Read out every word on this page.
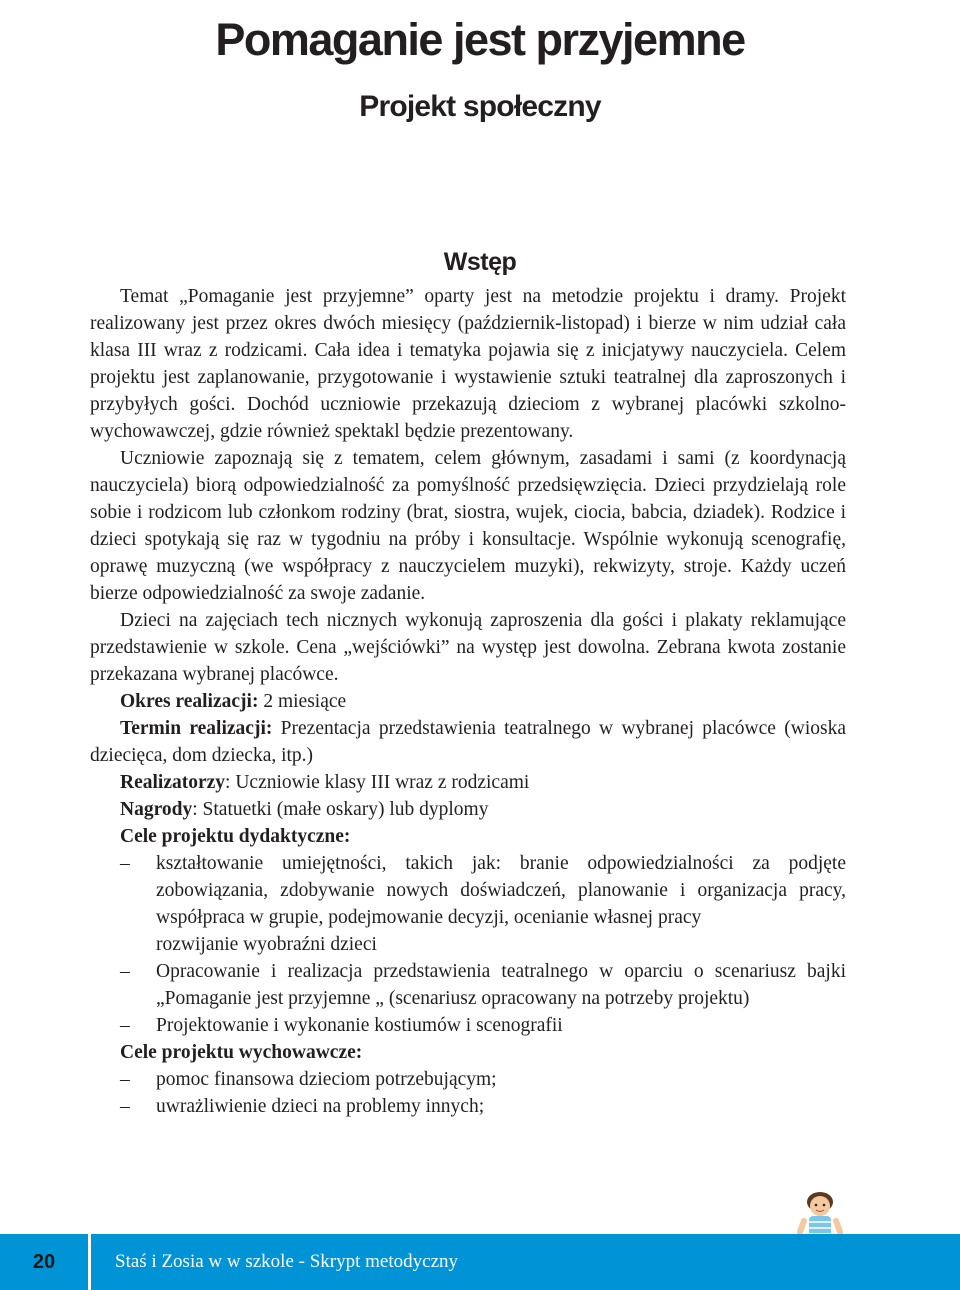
Pomaganie jest przyjemne
Projekt społeczny
Wstęp

Temat „Pomaganie jest przyjemne” oparty jest na metodzie projektu i dramy. Projekt realizowany jest przez okres dwóch miesięcy (październik-listopad) i bierze w nim udział cała klasa III wraz z rodzicami. Cała idea i tematyka pojawia się z inicjatywy nauczyciela. Celem projektu jest zaplanowanie, przygotowanie i wystawienie sztuki teatralnej dla zaproszonych i przybyłych gości. Dochód uczniowie przekazują dzieciom z wybranej placówki szkolno-wychowawczej, gdzie również spektakl będzie prezentowany.

Uczniowie zapoznają się z tematem, celem głównym, zasadami i sami (z koordynacją nauczyciela) biorą odpowiedzialność za pomyślność przedsięwzięcia. Dzieci przydzielają role sobie i rodzicom lub członkom rodziny (brat, siostra, wujek, ciocia, babcia, dziadek). Rodzice i dzieci spotykają się raz w tygodniu na próby i konsultacje. Wspólnie wykonują scenografię, oprawę muzyczną (we współpracy z nauczycielem muzyki), rekwizyty, stroje. Każdy uczeń bierze odpowiedzialność za swoje zadanie.

Dzieci na zajęciach tech nicznych wykonują zaproszenia dla gości i plakaty reklamujące przedstawienie w szkole. Cena „wejściówki” na występ jest dowolna. Zebrana kwota zostanie przekazana wybranej placówce.

Okres realizacji: 2 miesiące

Termin realizacji: Prezentacja przedstawienia teatralnego w wybranej placówce (wioska dziecięca, dom dziecka, itp.)

Realizatorzy: Uczniowie klasy III wraz z rodzicami

Nagrody: Statuetki (małe oskary) lub dyplomy

Cele projektu dydaktyczne:
– kształtowanie umiejętności, takich jak: branie odpowiedzialności za podjęte zobowiązania, zdobywanie nowych doświadczeń, planowanie i organizacja pracy, współpraca w grupie, podejmowanie decyzji, ocenianie własnej pracy
rozwijanie wyobraźni dzieci
– Opracowanie i realizacja przedstawienia teatralnego w oparciu o scenariusz bajki „Pomaganie jest przyjemne „ (scenariusz opracowany na potrzeby projektu)
– Projektowanie i wykonanie kostiumów i scenografii
Cele projektu wychowawcze:
– pomoc finansowa dzieciom potrzebującym;
– uwrażliwienie dzieci na problemy innych;
20	Staś i Zosia w w szkole - Skrypt metodyczny
